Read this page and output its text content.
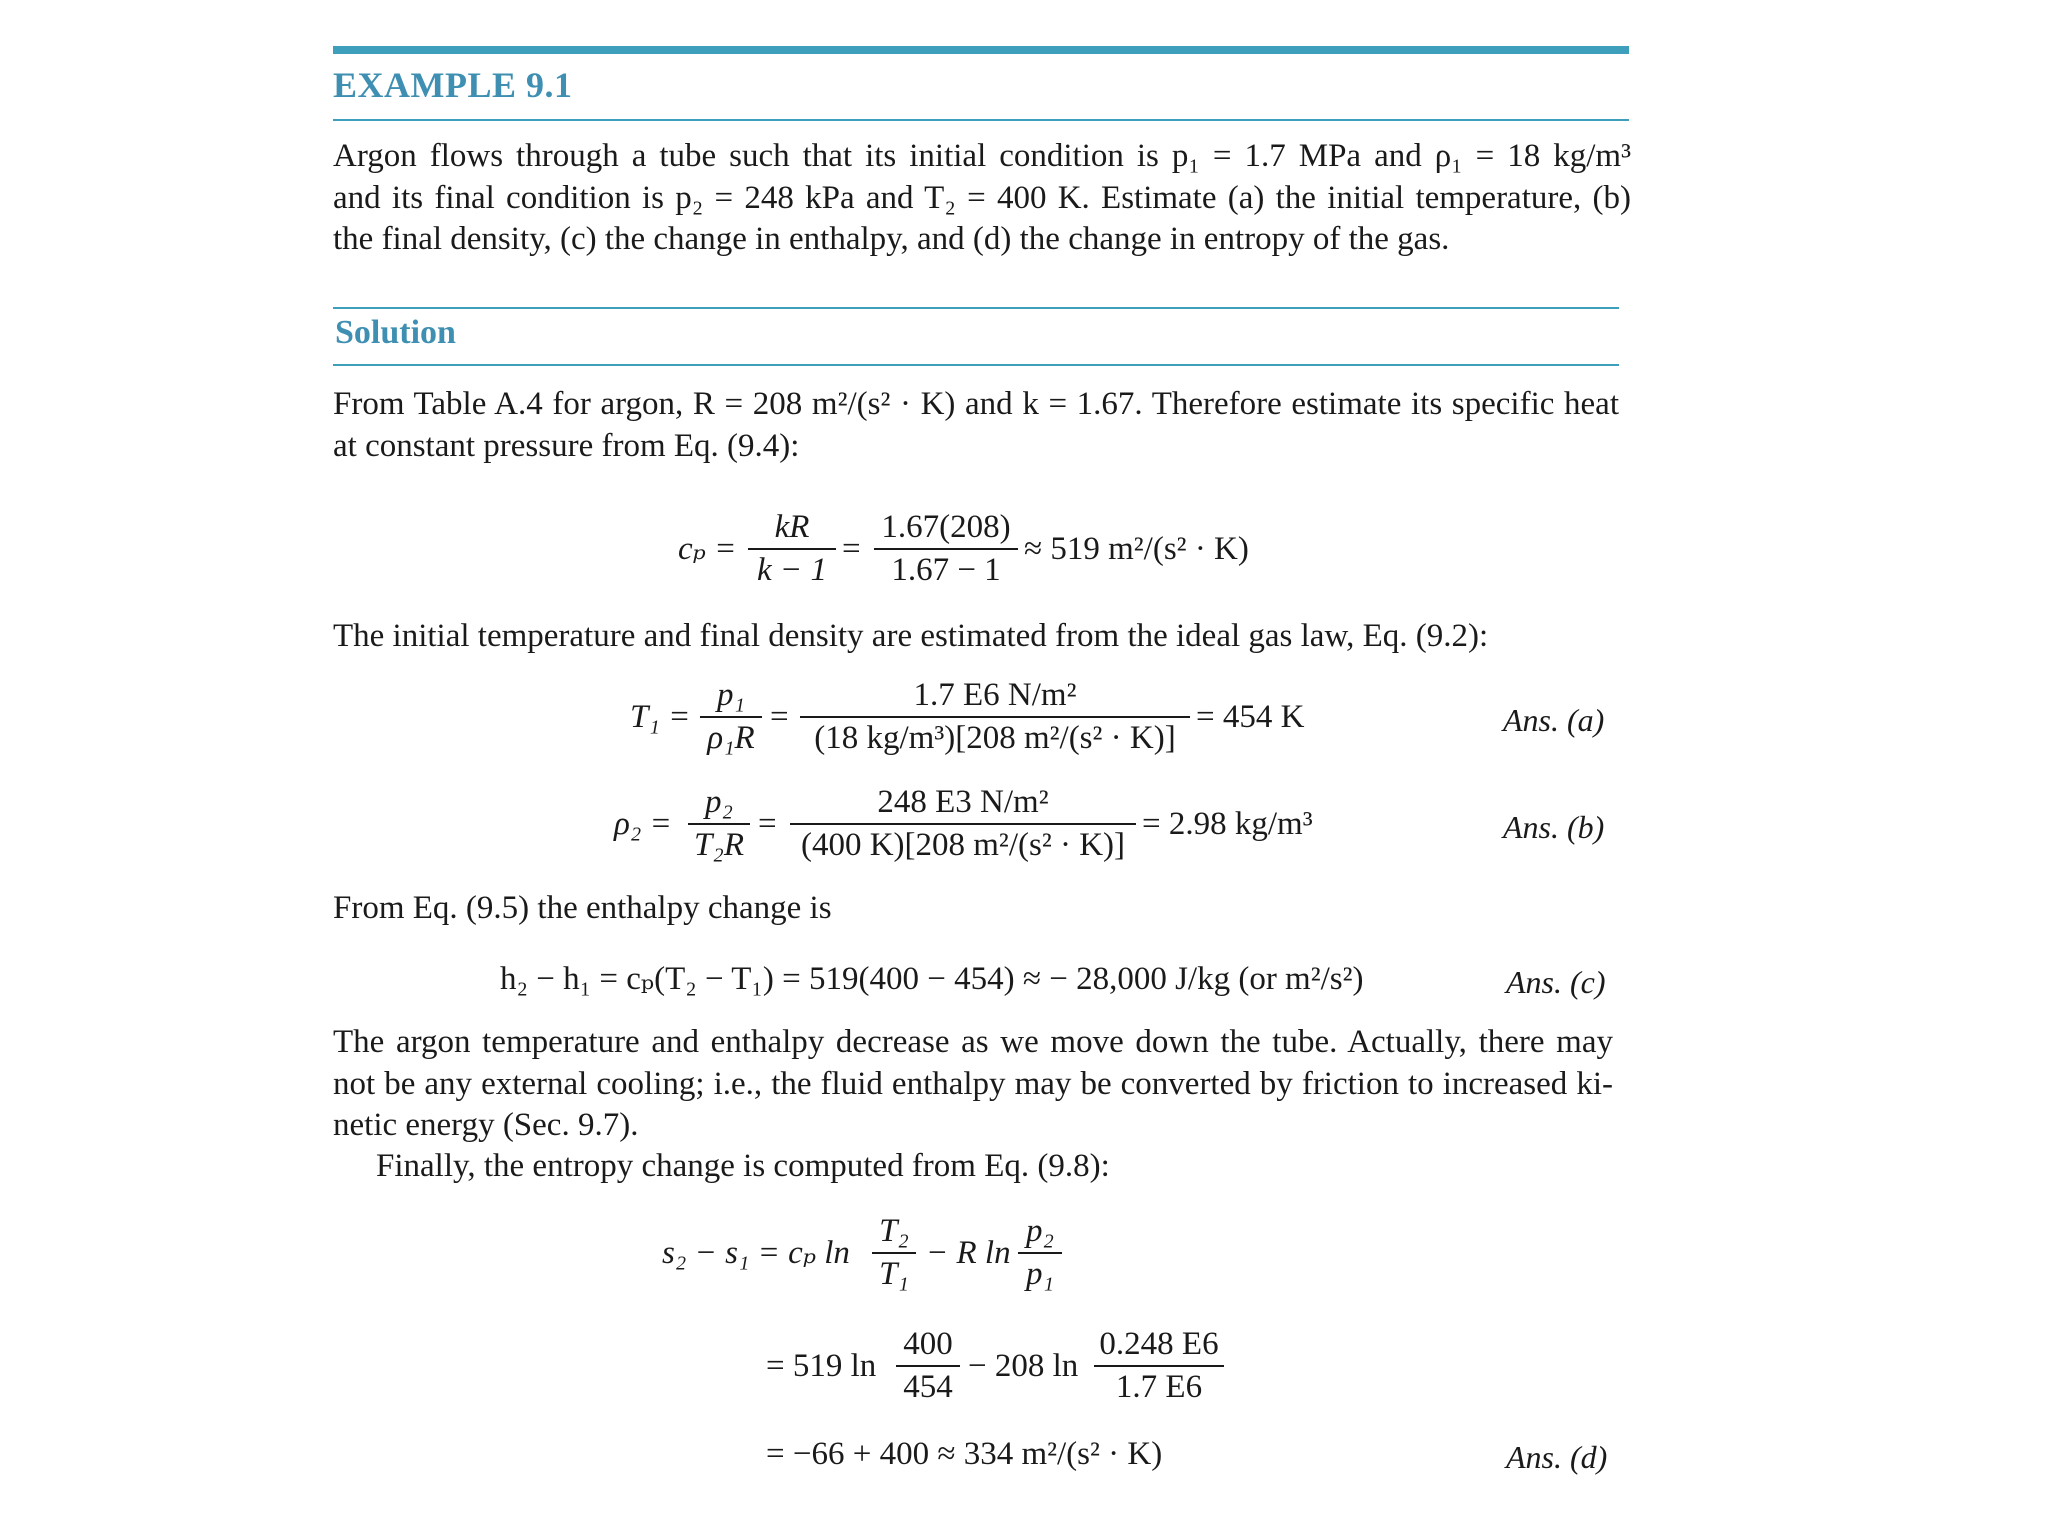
EXAMPLE 9.1
Argon flows through a tube such that its initial condition is p₁ = 1.7 MPa and ρ₁ = 18 kg/m³
and its final condition is p₂ = 248 kPa and T₂ = 400 K. Estimate (a) the initial temperature, (b)
the final density, (c) the change in enthalpy, and (d) the change in entropy of the gas.
Solution
From Table A.4 for argon, R = 208 m²/(s² · K) and k = 1.67. Therefore estimate its specific heat
at constant pressure from Eq. (9.4):
$c_p = \frac{kR}{k - 1} = \frac{1.67(208)}{1.67 - 1} \approx 519$ m²/(s² · K)
The initial temperature and final density are estimated from the ideal gas law, Eq. (9.2):
$T_1 = \frac{\text{p₁}}{\text{ρ₁R}} = \frac{\text{1.7 E6 N/m²}}{\text{(18 kg/m³)[208 m²/(s² · K)]}} = 454$ K	Ans. (a)
$\rho_2 = \frac{\text{p₂}}{\text{T₂R}} = \frac{\text{248 E3 N/m²}}{\text{(400 K)[208 m²/(s² · K)]}} = 2.98$ kg/m³	Ans. (b)
From Eq. (9.5) the enthalpy change is
h₂ − h₁ = cₚ(T₂ − T₁) = 519(400 − 454) ≈ − 28,000 J/kg (or m²/s²)	Ans. (c)
The argon temperature and enthalpy decrease as we move down the tube. Actually, there may
not be any external cooling; i.e., the fluid enthalpy may be converted by friction to increased ki-
netic energy (Sec. 9.7).
Finally, the entropy change is computed from Eq. (9.8):
s₂ − s₁ = cₚ $\ln \frac{\text{T₂}}{\text{T₁}} - R$ $\ln \frac{\text{p₂}}{\text{p₁}}$
= 519 $\ln \frac{400}{454} - 208$ $\ln \frac{0.248 E6}{1.7 E6}$
= −66 + 400 ≈ 334 m²/(s² · K)	Ans. (d)
